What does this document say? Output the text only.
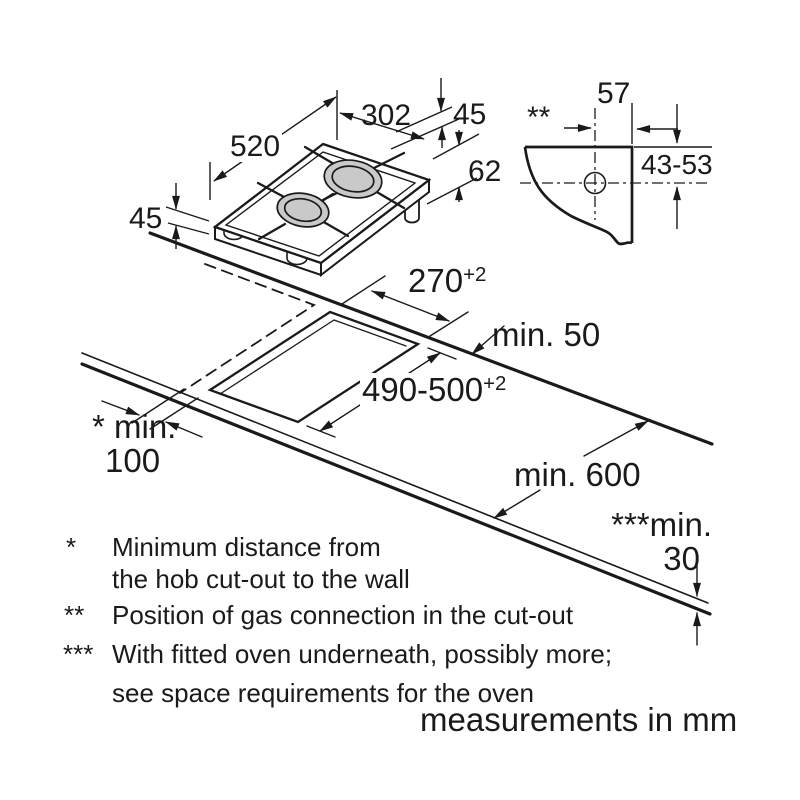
520
302 45
62
45
57
**
43-53
$270^{+2}$
min. 50
$490-500^{+2}$
* min.
100	min. 600
***min.
30
* Minimum distance from
the hob cut-out to the wall
** Position of gas connection in the cut-out
*** With fitted oven underneath, possibly more;
see space requirements for the oven
measurements in mm
